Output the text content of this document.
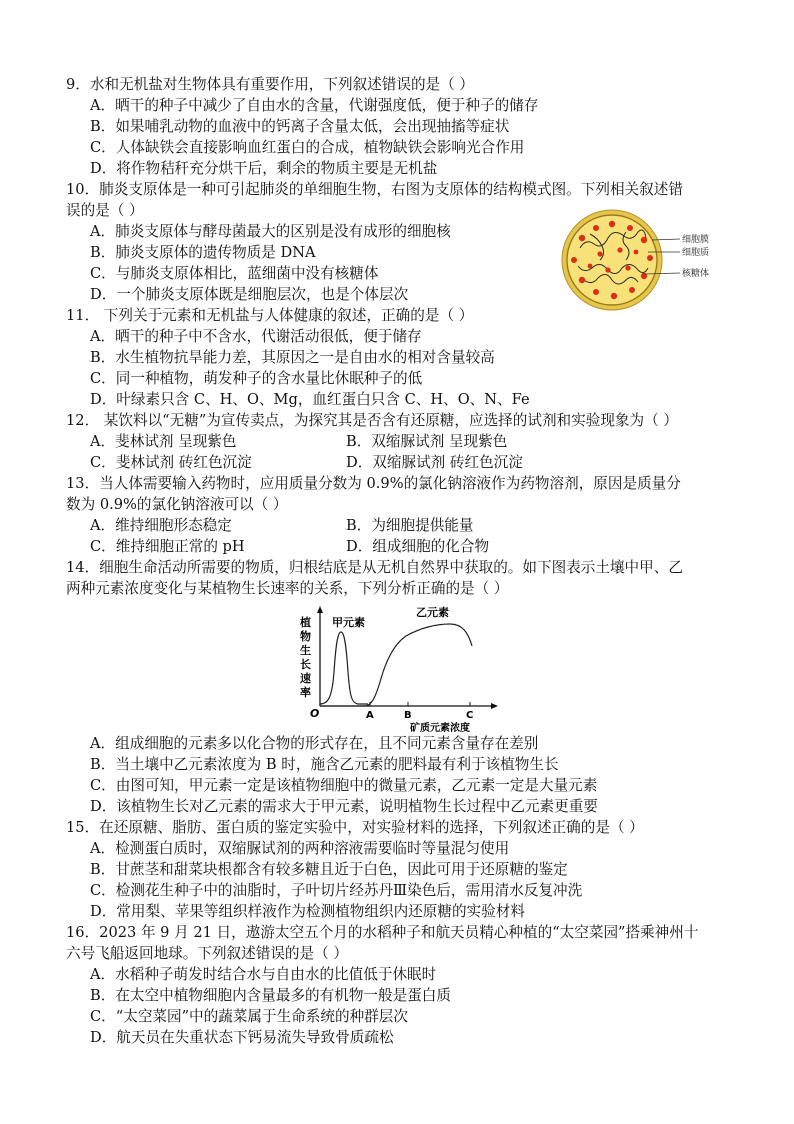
9．水和无机盐对生物体具有重要作用，下列叙述错误的是（ ）
A．晒干的种子中减少了自由水的含量，代谢强度低，便于种子的储存
B．如果哺乳动物的血液中的钙离子含量太低，会出现抽搐等症状
C．人体缺铁会直接影响血红蛋白的合成，植物缺铁会影响光合作用
D．将作物秸秆充分烘干后，剩余的物质主要是无机盐
10．肺炎支原体是一种可引起肺炎的单细胞生物，右图为支原体的结构模式图。下列相关叙述错
误的是（ ）
A．肺炎支原体与酵母菌最大的区别是没有成形的细胞核
B．肺炎支原体的遗传物质是 DNA
C．与肺炎支原体相比，蓝细菌中没有核糖体
D．一个肺炎支原体既是细胞层次，也是个体层次
细胞膜
细胞质
核糖体
11． 下列关于元素和无机盐与人体健康的叙述，正确的是（ ）
A．晒干的种子中不含水，代谢活动很低，便于储存
B．水生植物抗旱能力差，其原因之一是自由水的相对含量较高
C．同一种植物，萌发种子的含水量比休眠种子的低
D．叶绿素只含 C、H、O、Mg，血红蛋白只含 C、H、O、N、Fe
12． 某饮料以“无糖”为宣传卖点，为探究其是否含有还原糖，应选择的试剂和实验现象为（ ）
A．斐林试剂 呈现紫色	B．双缩脲试剂 呈现紫色
C．斐林试剂 砖红色沉淀	D．双缩脲试剂 砖红色沉淀
13．当人体需要输入药物时，应用质量分数为 0.9%的氯化钠溶液作为药物溶剂，原因是质量分
数为 0.9%的氯化钠溶液可以（ ）
A．维持细胞形态稳定	B．为细胞提供能量
C．维持细胞正常的 pH	D．组成细胞的化合物
14．细胞生命活动所需要的物质，归根结底是从无机自然界中获取的。如下图表示土壤中甲、乙
两种元素浓度变化与某植物生长速率的关系，下列分析正确的是（ ）
植
物
生
长
速
率
O	A	B	C
矿质元素浓度
甲元素
乙元素
A．组成细胞的元素多以化合物的形式存在，且不同元素含量存在差别
B．当土壤中乙元素浓度为 B 时，施含乙元素的肥料最有利于该植物生长
C．由图可知，甲元素一定是该植物细胞中的微量元素，乙元素一定是大量元素
D．该植物生长对乙元素的需求大于甲元素，说明植物生长过程中乙元素更重要
15．在还原糖、脂肪、蛋白质的鉴定实验中，对实验材料的选择，下列叙述正确的是（ ）
A．检测蛋白质时，双缩脲试剂的两种溶液需要临时等量混匀使用
B．甘蔗茎和甜菜块根都含有较多糖且近于白色，因此可用于还原糖的鉴定
C．检测花生种子中的油脂时，子叶切片经苏丹Ⅲ染色后，需用清水反复冲洗
D．常用梨、苹果等组织样液作为检测植物组织内还原糖的实验材料
16．2023 年 9 月 21 日，遨游太空五个月的水稻种子和航天员精心种植的“太空菜园”搭乘神州十
六号飞船返回地球。下列叙述错误的是（ ）
A．水稻种子萌发时结合水与自由水的比值低于休眠时
B．在太空中植物细胞内含量最多的有机物一般是蛋白质
C．“太空菜园”中的蔬菜属于生命系统的种群层次
D．航天员在失重状态下钙易流失导致骨质疏松
